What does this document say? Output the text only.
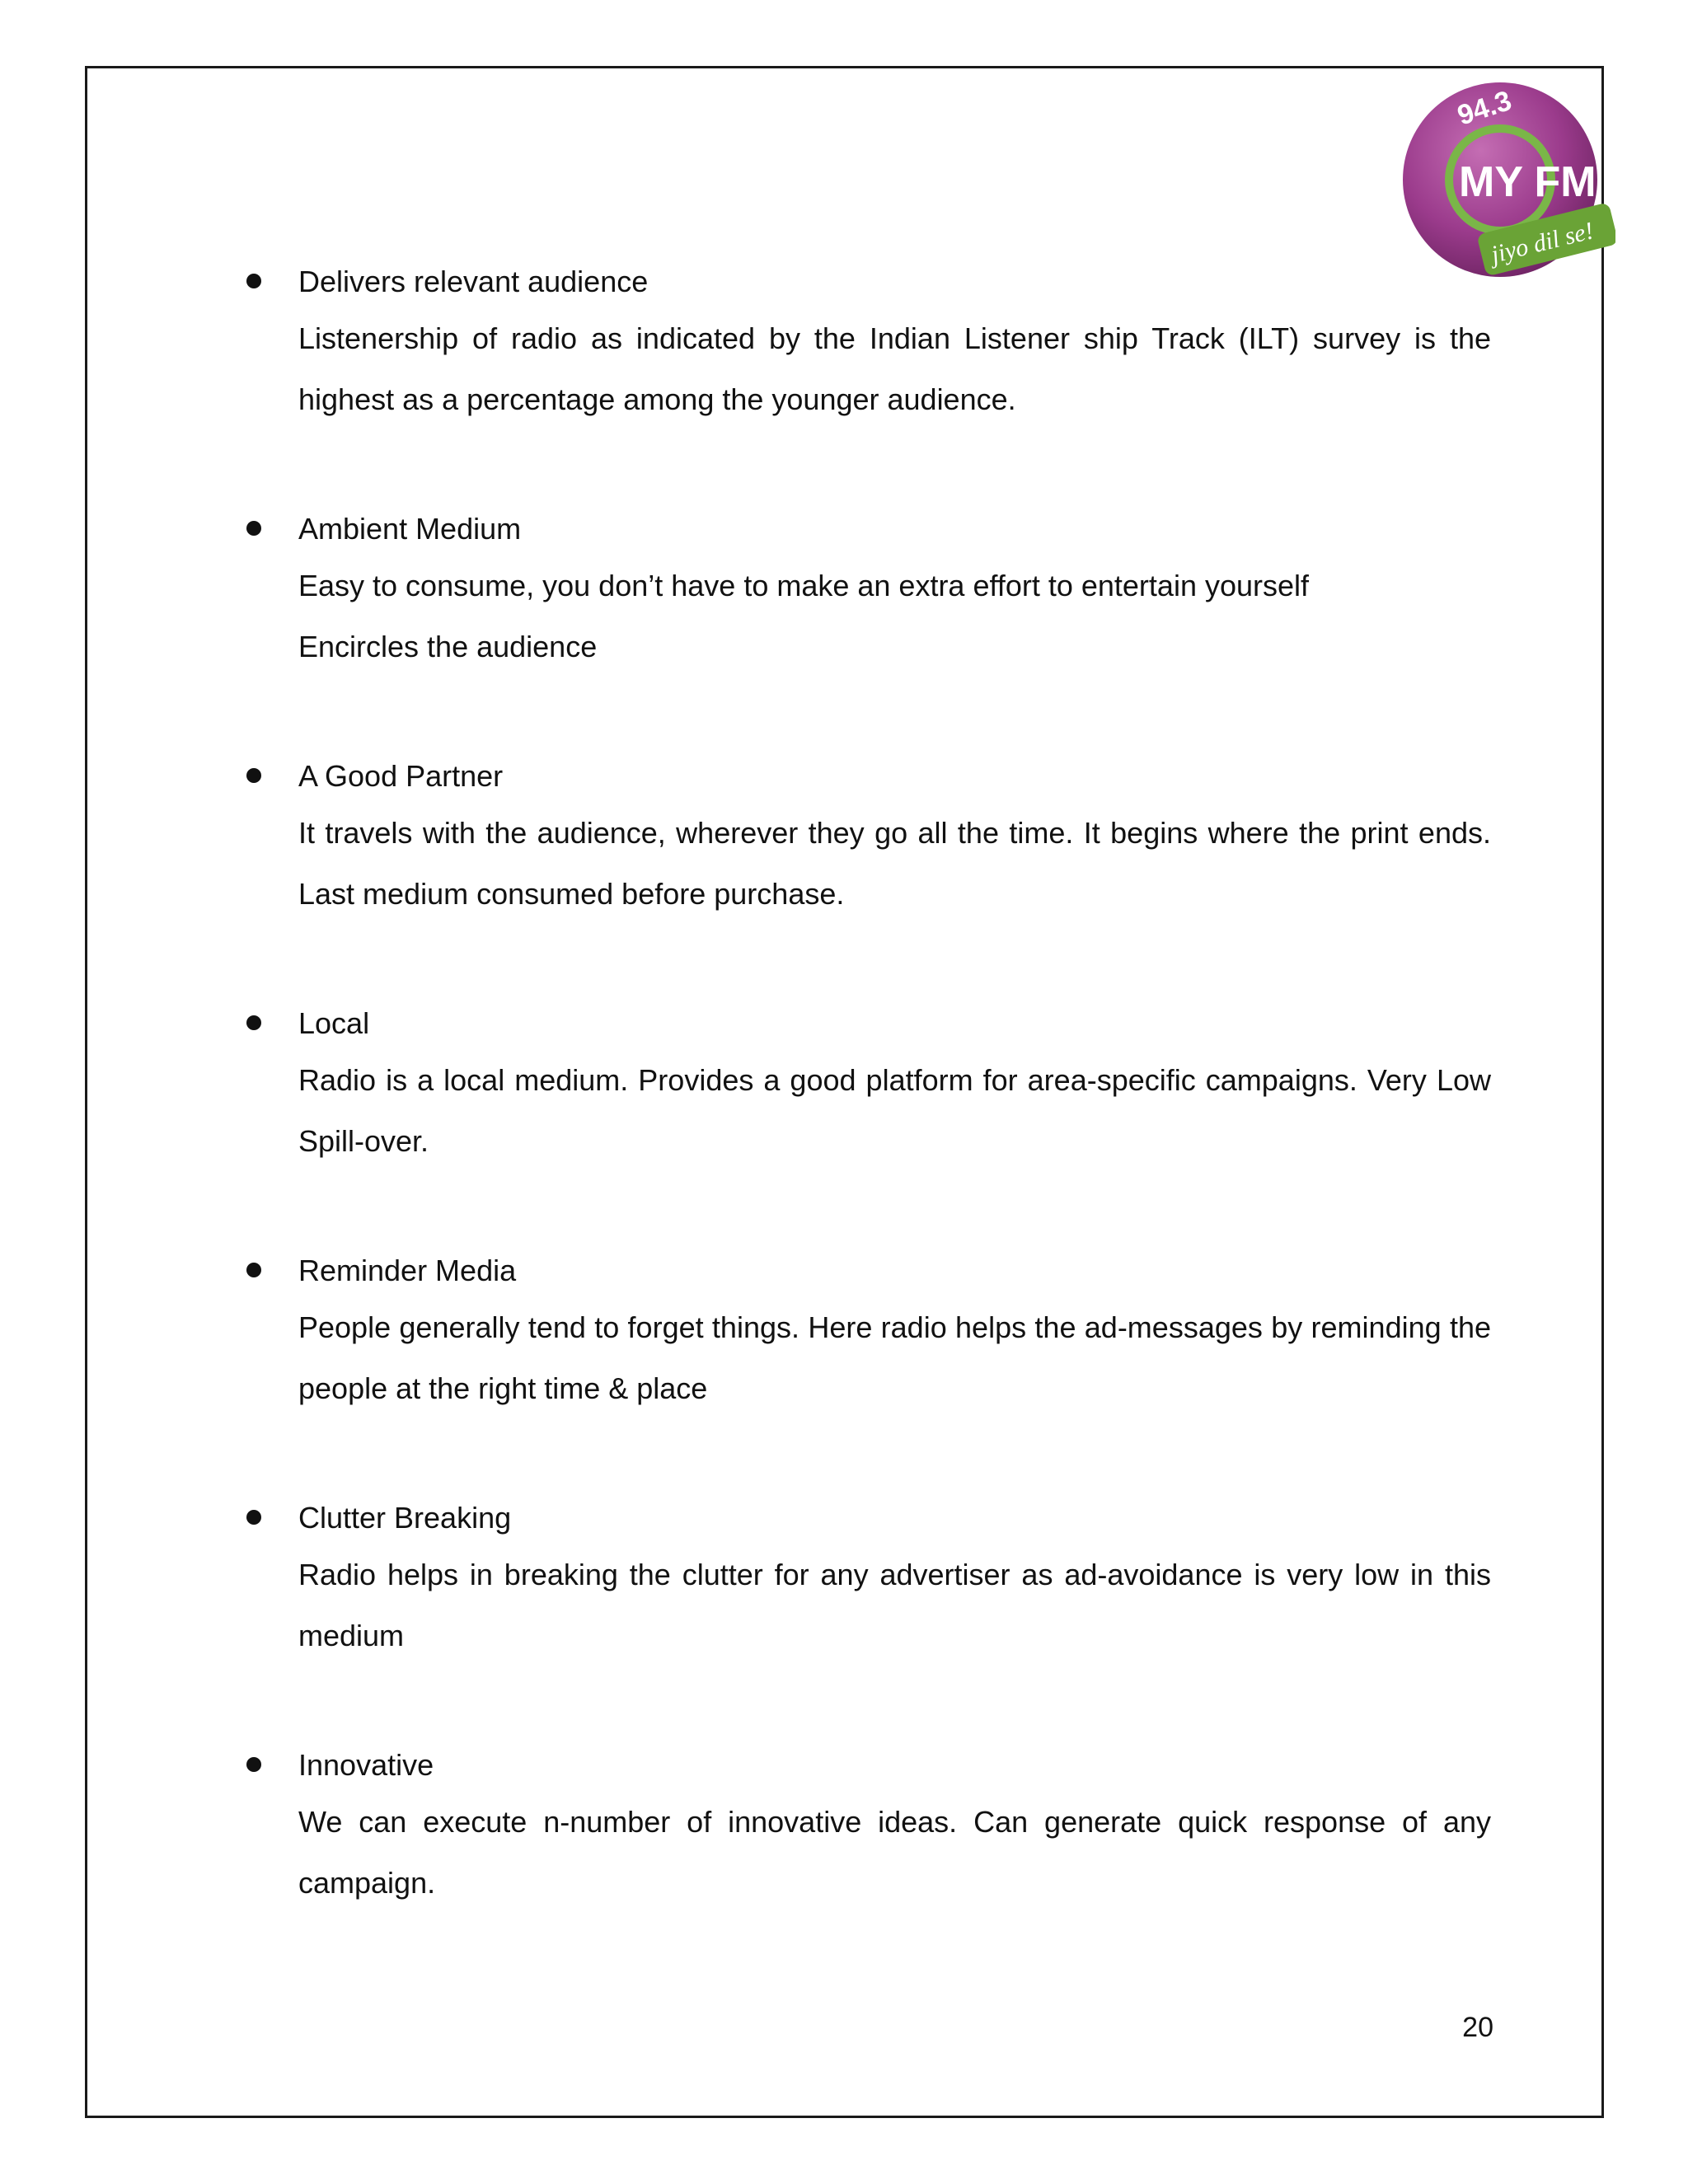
94.3
MY FM
jiyo dil se!
Delivers relevant audience

Listenership of radio as indicated by the Indian Listener ship Track (ILT) survey is the highest as a percentage among the younger audience.

Ambient Medium

Easy to consume, you don’t have to make an extra effort to entertain yourself

Encircles the audience

A Good Partner

It travels with the audience, wherever they go all the time. It begins where the print ends. Last medium consumed before purchase.

Local

Radio is a local medium. Provides a good platform for area-specific campaigns. Very Low Spill-over.

Reminder Media

People generally tend to forget things. Here radio helps the ad-messages by reminding the people at the right time & place

Clutter Breaking

Radio helps in breaking the clutter for any advertiser as ad-avoidance is very low in this medium

Innovative

We can execute n-number of innovative ideas. Can generate quick response of any campaign.

20
